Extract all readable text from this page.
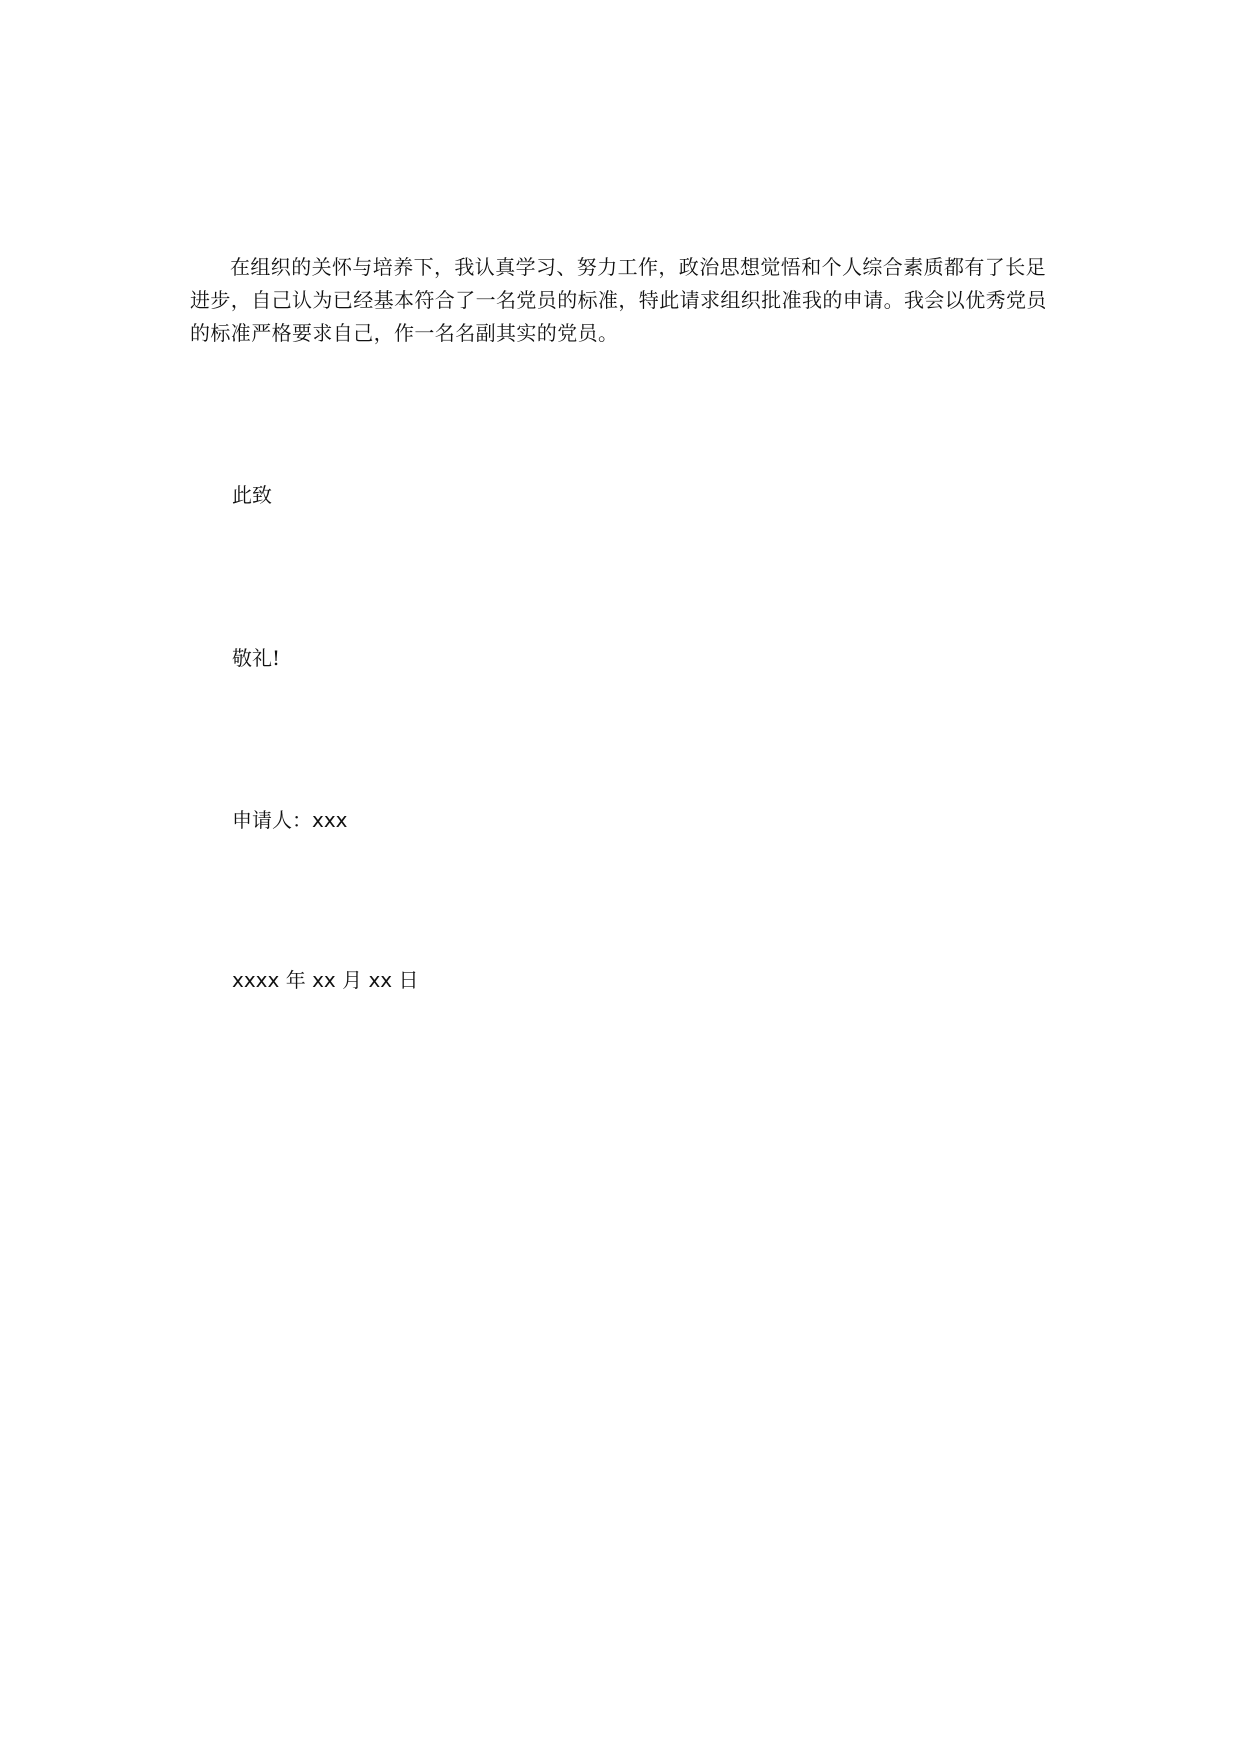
在组织的关怀与培养下，我认真学习、努力工作，政治思想觉悟和个人综合素质都有了长足进步，自己认为已经基本符合了一名党员的标准，特此请求组织批准我的申请。我会以优秀党员的标准严格要求自己，作一名名副其实的党员。

此致

敬礼!

申请人：xxx

xxxx 年 xx 月 xx 日
